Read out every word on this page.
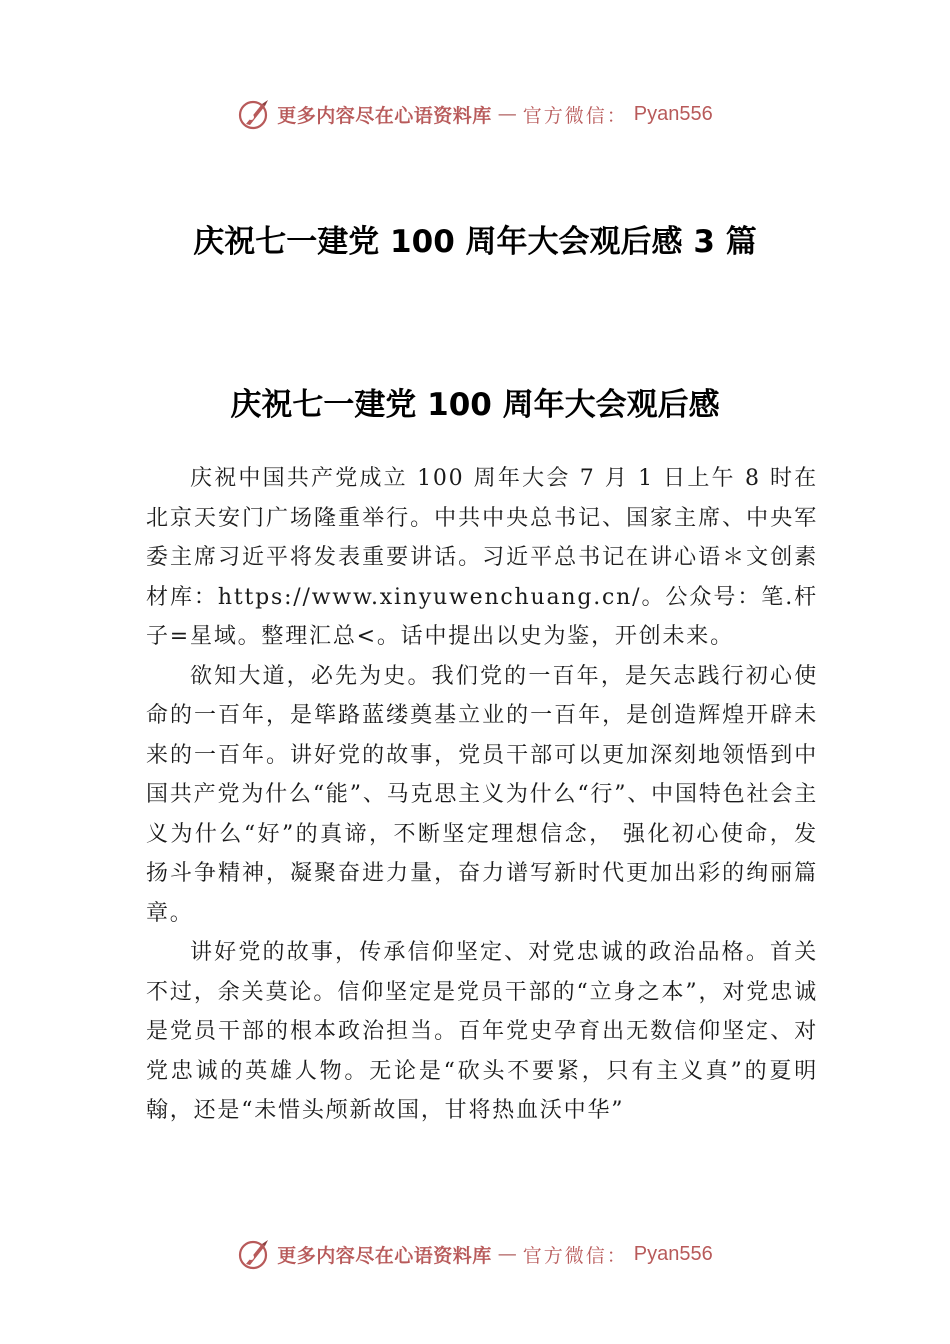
更多内容尽在心语资料库 — 官方微信： Pyan556
庆祝七一建党 100 周年大会观后感 3 篇
庆祝七一建党 100 周年大会观后感

庆祝中国共产党成立 100 周年大会 7 月 1 日上午 8 时在北京天安门广场隆重举行。中共中央总书记、国家主席、中央军委主席习近平将发表重要讲话。习近平总书记在讲心语＊文创素材库：https://www.xinyuwenchuang.cn/。公众号：笔.杆子=星域。整理汇总<。话中提出以史为鉴，开创未来。

欲知大道，必先为史。我们党的一百年，是矢志践行初心使命的一百年，是筚路蓝缕奠基立业的一百年，是创造辉煌开辟未来的一百年。讲好党的故事，党员干部可以更加深刻地领悟到中国共产党为什么“能”、马克思主义为什么“行”、中国特色社会主义为什么“好”的真谛，不断坚定理想信念， 强化初心使命，发扬斗争精神，凝聚奋进力量，奋力谱写新时代更加出彩的绚丽篇章。

讲好党的故事，传承信仰坚定、对党忠诚的政治品格。首关不过，余关莫论。信仰坚定是党员干部的“立身之本”，对党忠诚是党员干部的根本政治担当。百年党史孕育出无数信仰坚定、对党忠诚的英雄人物。无论是“砍头不要紧，只有主义真”的夏明翰，还是“未惜头颅新故国，甘将热血沃中华”

更多内容尽在心语资料库 — 官方微信： Pyan556
